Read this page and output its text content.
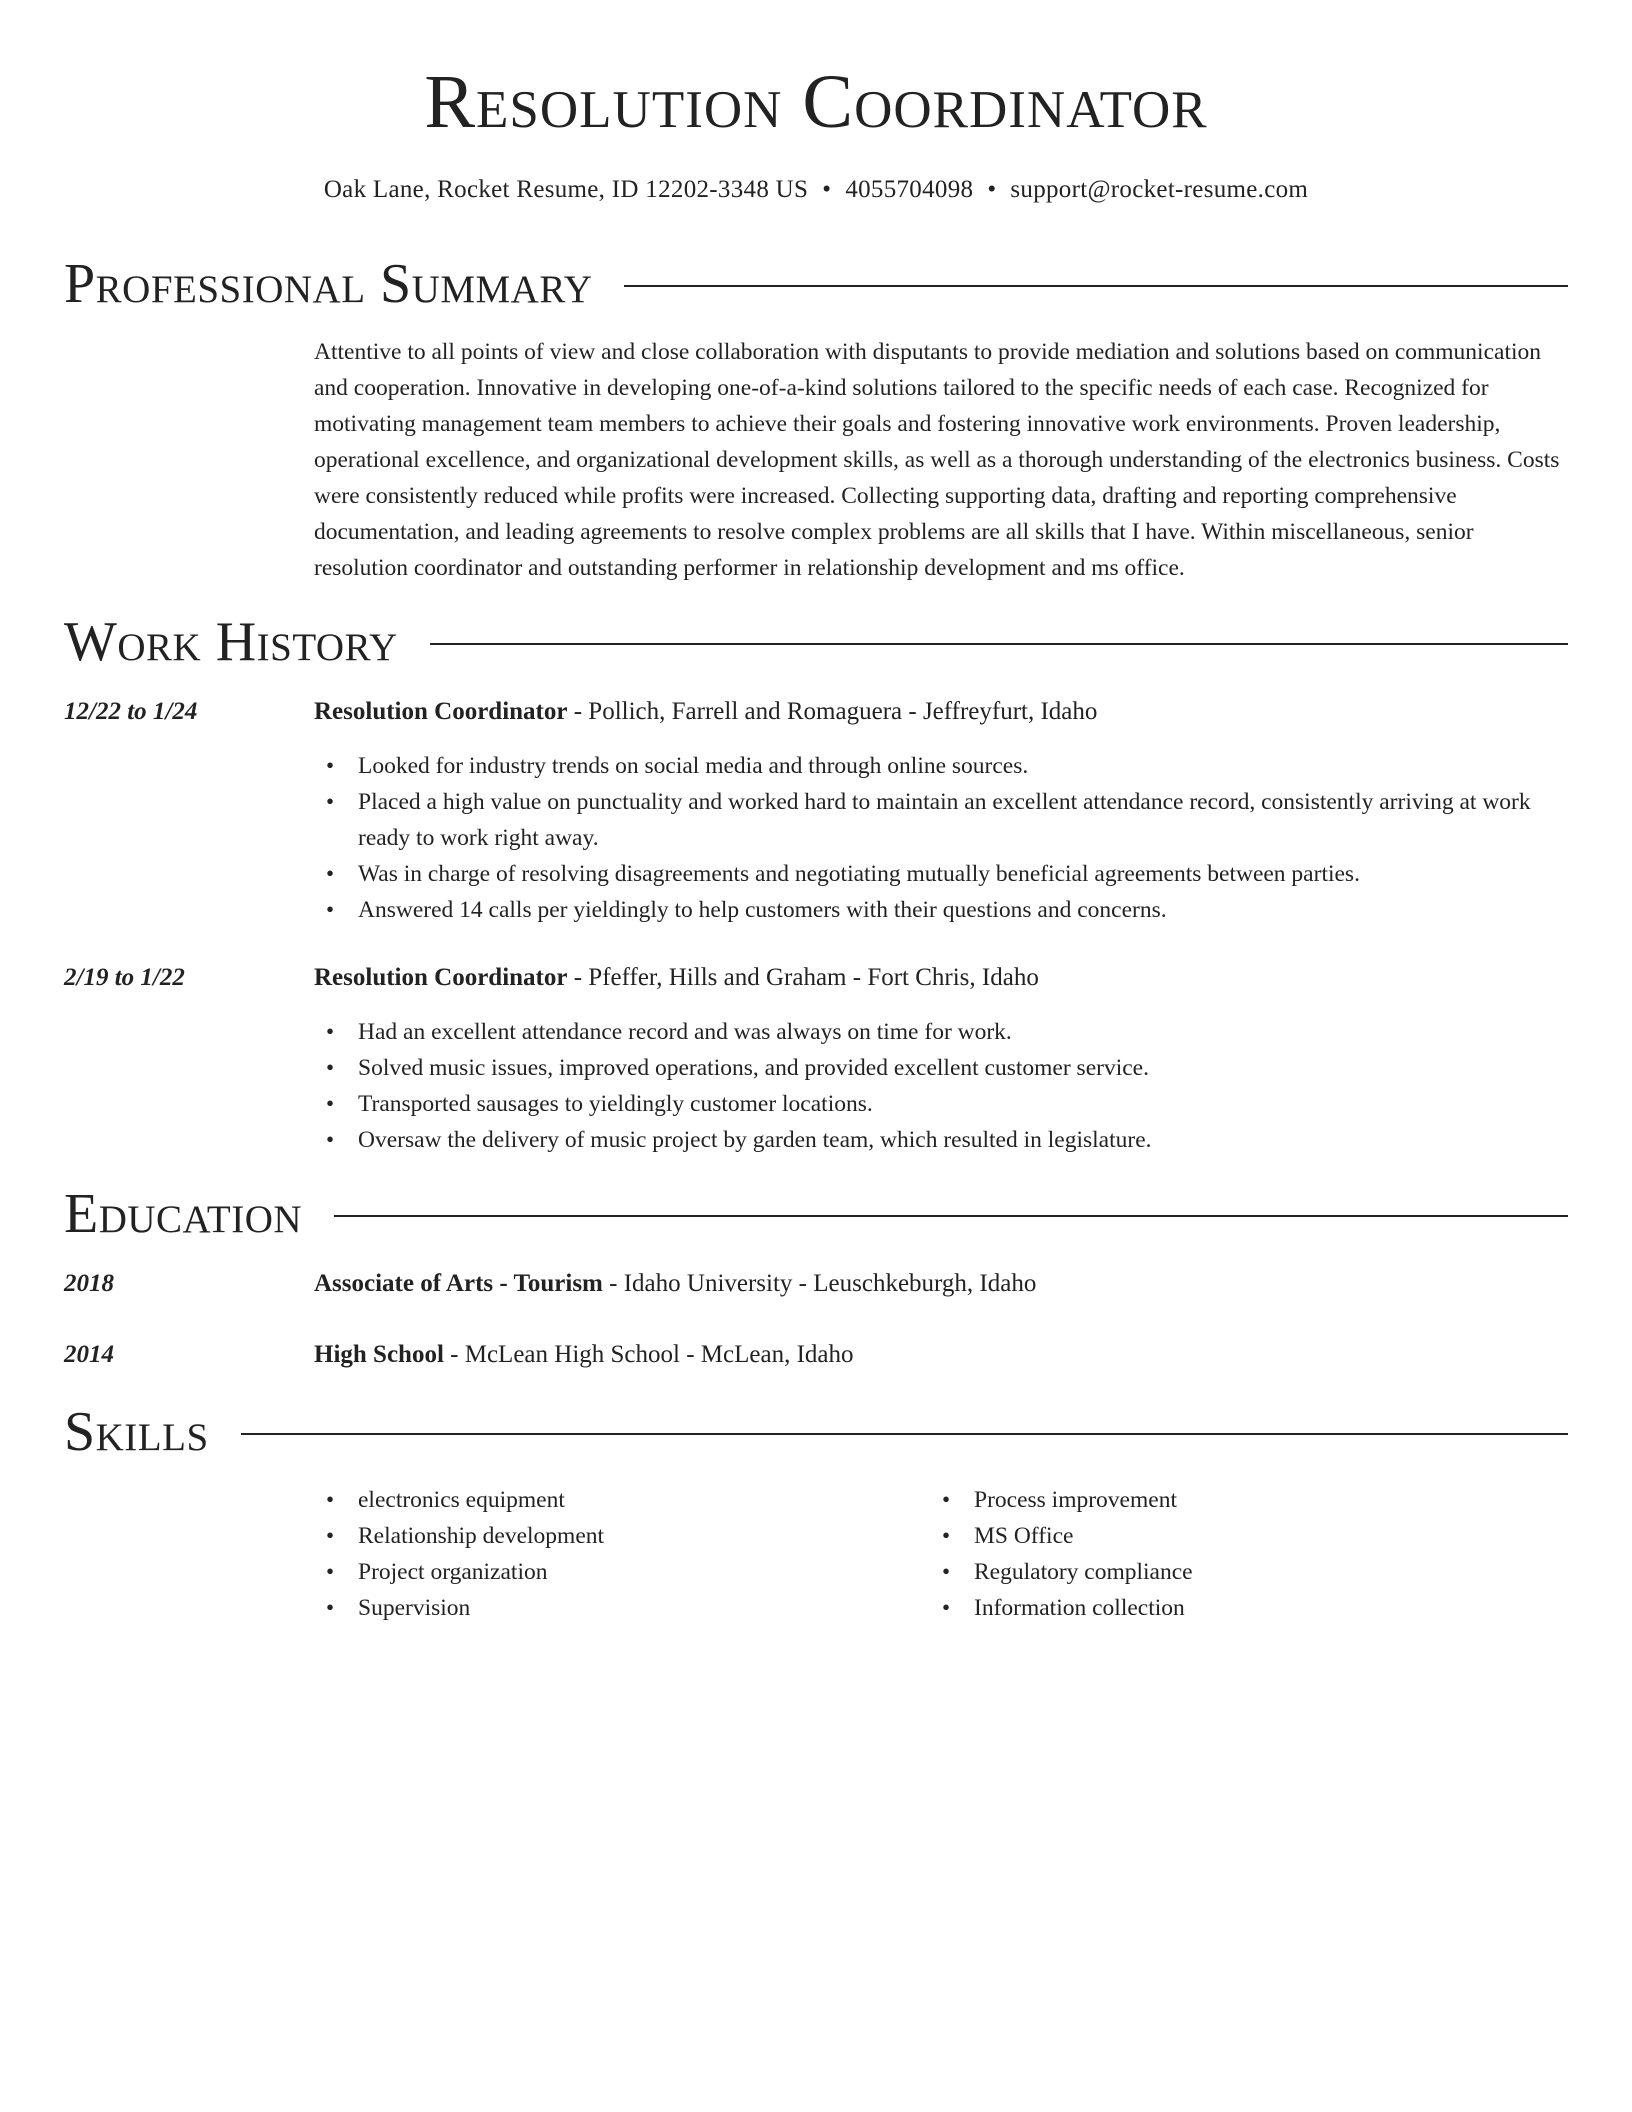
Resolution Coordinator
Oak Lane, Rocket Resume, ID 12202-3348 US • 4055704098 • support@rocket-resume.com
Professional Summary
Attentive to all points of view and close collaboration with disputants to provide mediation and solutions based on communication and cooperation. Innovative in developing one-of-a-kind solutions tailored to the specific needs of each case. Recognized for motivating management team members to achieve their goals and fostering innovative work environments. Proven leadership, operational excellence, and organizational development skills, as well as a thorough understanding of the electronics business. Costs were consistently reduced while profits were increased. Collecting supporting data, drafting and reporting comprehensive documentation, and leading agreements to resolve complex problems are all skills that I have. Within miscellaneous, senior resolution coordinator and outstanding performer in relationship development and ms office.
Work History
12/22 to 1/24	Resolution Coordinator - Pollich, Farrell and Romaguera - Jeffreyfurt, Idaho
• Looked for industry trends on social media and through online sources.
• Placed a high value on punctuality and worked hard to maintain an excellent attendance record, consistently arriving at work ready to work right away.
• Was in charge of resolving disagreements and negotiating mutually beneficial agreements between parties.
• Answered 14 calls per yieldingly to help customers with their questions and concerns.
2/19 to 1/22	Resolution Coordinator - Pfeffer, Hills and Graham - Fort Chris, Idaho
• Had an excellent attendance record and was always on time for work.
• Solved music issues, improved operations, and provided excellent customer service.
• Transported sausages to yieldingly customer locations.
• Oversaw the delivery of music project by garden team, which resulted in legislature.
Education
2018	Associate of Arts - Tourism - Idaho University - Leuschkeburgh, Idaho
2014	High School - McLean High School - McLean, Idaho
Skills
• electronics equipment
• Relationship development
• Project organization
• Supervision
• Process improvement
• MS Office
• Regulatory compliance
• Information collection
